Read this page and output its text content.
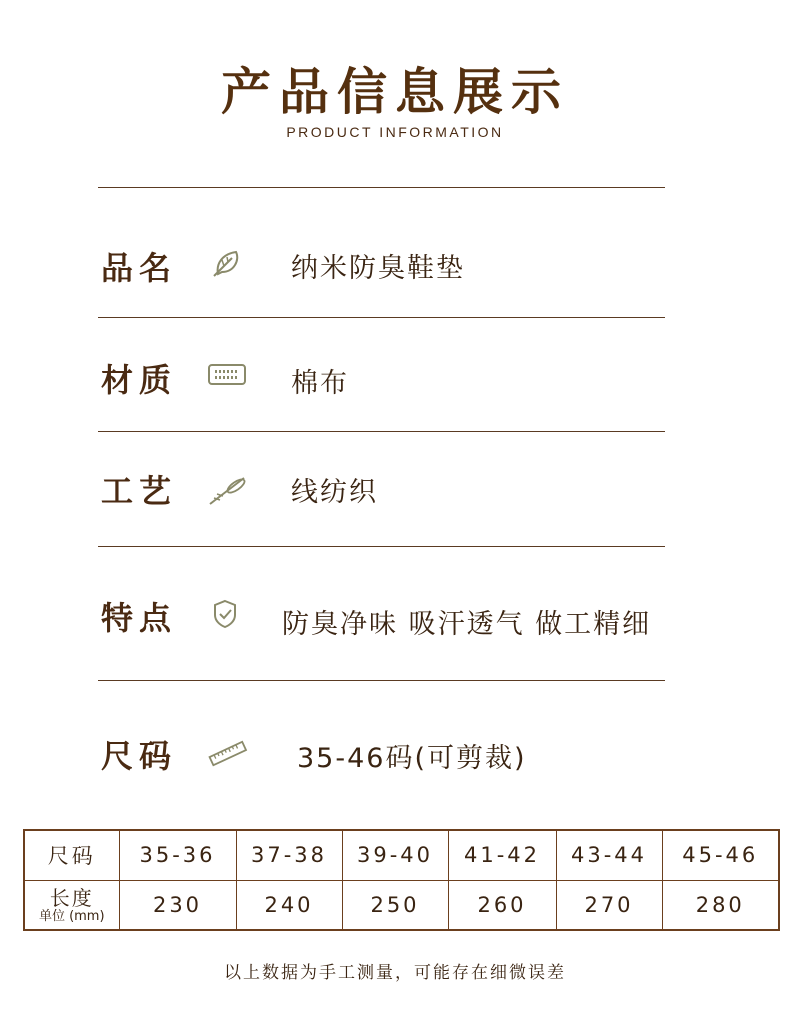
产品信息展示
PRODUCT INFORMATION
品名	纳米防臭鞋垫
材质	棉布
工艺	线纺织
特点	防臭净味 吸汗透气 做工精细
尺码	35-46码(可剪裁)
尺码	35-36	37-38	39-40	41-42	43-44	45-46
长度
单位 (mm)	230	240	250	260	270	280
以上数据为手工测量，可能存在细微误差
